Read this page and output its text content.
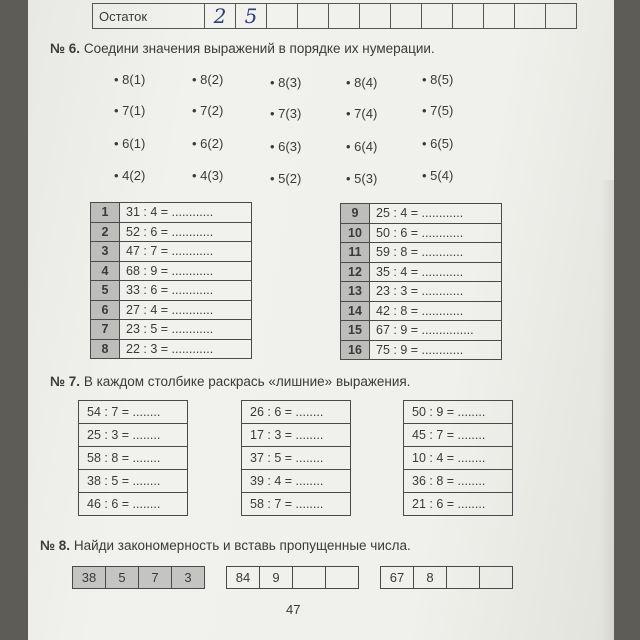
Остаток	2	5										
№ 6. Соедини значения выражений в порядке их нумерации.
• 8(1)	• 8(2)	• 8(3)	• 8(4)	• 8(5)
• 7(1)	• 7(2)	• 7(3)	• 7(4)	• 7(5)
• 6(1)	• 6(2)	• 6(3)	• 6(4)	• 6(5)
• 4(2)	• 4(3)	• 5(2)	• 5(3)	• 5(4)
1	31 : 4 = ............
2	52 : 6 = ............
3	47 : 7 = ............
4	68 : 9 = ............
5	33 : 6 = ............
6	27 : 4 = ............
7	23 : 5 = ............
8	22 : 3 = ............
9	25 : 4 = ............
10	50 : 6 = ............
11	59 : 8 = ............
12	35 : 4 = ............
13	23 : 3 = ............
14	42 : 8 = ............
15	67 : 9 = ...............
16	75 : 9 = ............
№ 7. В каждом столбике раскрась «лишние» выражения.
54 : 7 = ........
25 : 3 = ........
58 : 8 = ........
38 : 5 = ........
46 : 6 = ........
26 : 6 = ........
17 : 3 = ........
37 : 5 = ........
39 : 4 = ........
58 : 7 = ........
50 : 9 = ........
45 : 7 = ........
10 : 4 = ........
36 : 8 = ........
21 : 6 = ........
№ 8. Найди закономерность и вставь пропущенные числа.
38	5	7	3	84	9			67	8		
47
